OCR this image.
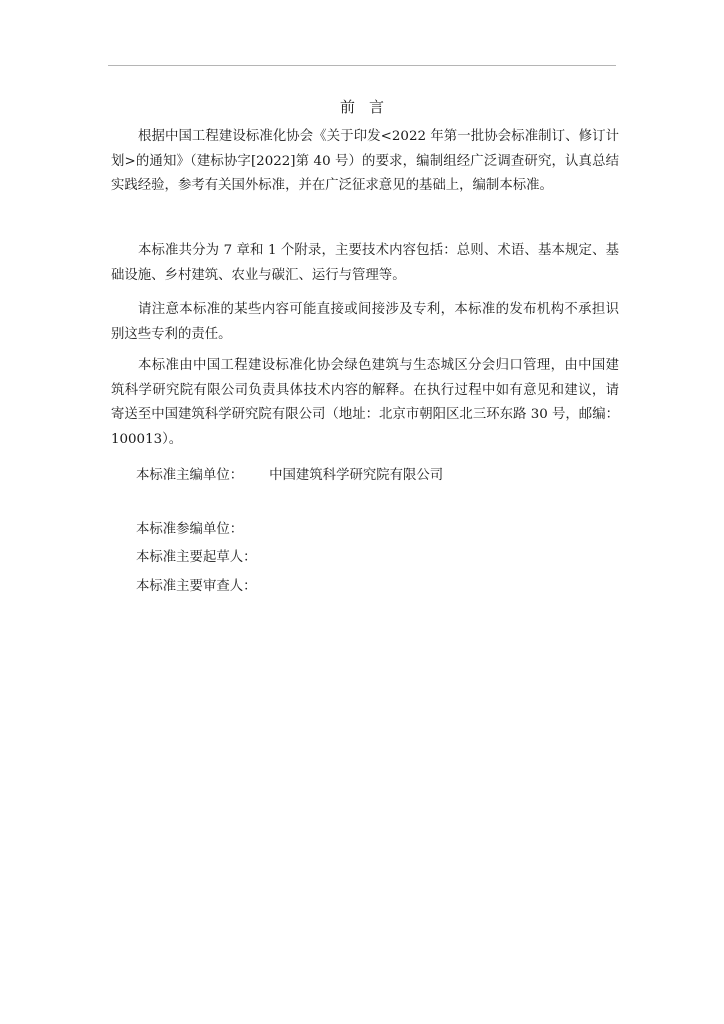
前言

根据中国工程建设标准化协会《关于印发<2022 年第一批协会标准制订、修订计划>的通知》（建标协字[2022]第 40 号）的要求，编制组经广泛调查研究，认真总结实践经验，参考有关国外标准，并在广泛征求意见的基础上，编制本标准。

本标准共分为 7 章和 1 个附录，主要技术内容包括：总则、术语、基本规定、基础设施、乡村建筑、农业与碳汇、运行与管理等。

请注意本标准的某些内容可能直接或间接涉及专利，本标准的发布机构不承担识别这些专利的责任。

本标准由中国工程建设标准化协会绿色建筑与生态城区分会归口管理，由中国建筑科学研究院有限公司负责具体技术内容的解释。在执行过程中如有意见和建议，请寄送至中国建筑科学研究院有限公司（地址：北京市朝阳区北三环东路 30 号，邮编：100013）。

本标准主编单位： 中国建筑科学研究院有限公司
本标准参编单位：
本标准主要起草人：
本标准主要审查人：
